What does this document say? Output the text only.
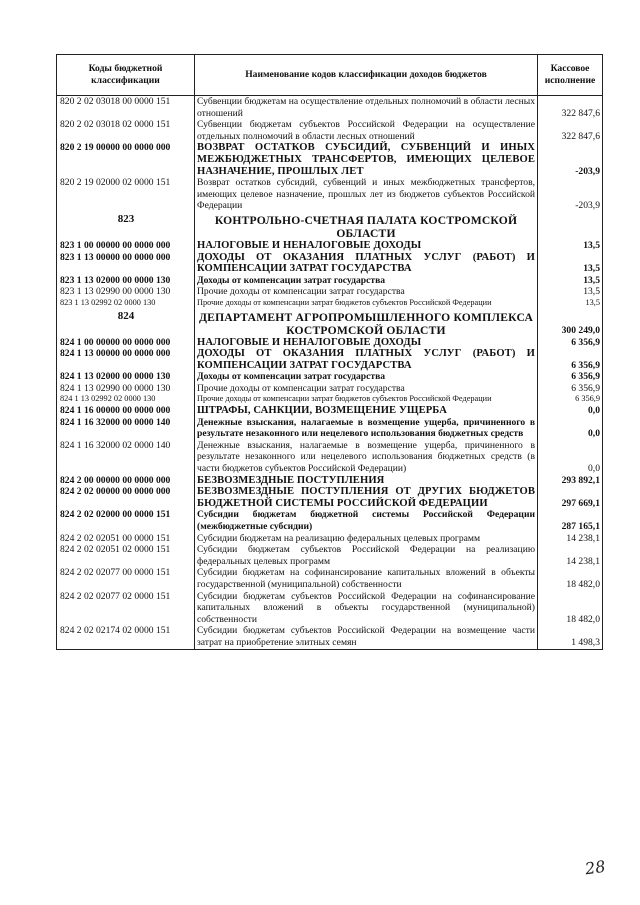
Коды бюджетной классификации	Наименование кодов классификации доходов бюджетов	Кассовое исполнение
820 2 02 03018 00 0000 151	Субвенции бюджетам на осуществление отдельных полномочий в области лесных отношений	322 847,6
820 2 02 03018 02 0000 151	Субвенции бюджетам субъектов Российской Федерации на осуществление отдельных полномочий в области лесных отношений	322 847,6
820 2 19 00000 00 0000 000	ВОЗВРАТ ОСТАТКОВ СУБСИДИЙ, СУБВЕНЦИЙ И ИНЫХ МЕЖБЮДЖЕТНЫХ ТРАНСФЕРТОВ, ИМЕЮЩИХ ЦЕЛЕВОЕ НАЗНАЧЕНИЕ, ПРОШЛЫХ ЛЕТ	-203,9
820 2 19 02000 02 0000 151	Возврат остатков субсидий, субвенций и иных межбюджетных трансфертов, имеющих целевое назначение, прошлых лет из бюджетов субъектов Российской Федерации	-203,9
823	КОНТРОЛЬНО-СЧЕТНАЯ ПАЛАТА КОСТРОМСКОЙ ОБЛАСТИ	
823 1 00 00000 00 0000 000	НАЛОГОВЫЕ И НЕНАЛОГОВЫЕ ДОХОДЫ	13,5
823 1 13 00000 00 0000 000	ДОХОДЫ ОТ ОКАЗАНИЯ ПЛАТНЫХ УСЛУГ (РАБОТ) И КОМПЕНСАЦИИ ЗАТРАТ ГОСУДАРСТВА	13,5
823 1 13 02000 00 0000 130	Доходы от компенсации затрат государства	13,5
823 1 13 02990 00 0000 130	Прочие доходы от компенсации затрат государства	13,5
823 1 13 02992 02 0000 130	Прочие доходы от компенсации затрат бюджетов субъектов Российской Федерации	13,5
824	ДЕПАРТАМЕНТ АГРОПРОМЫШЛЕННОГО КОМПЛЕКСА КОСТРОМСКОЙ ОБЛАСТИ	300 249,0
824 1 00 00000 00 0000 000	НАЛОГОВЫЕ И НЕНАЛОГОВЫЕ ДОХОДЫ	6 356,9
824 1 13 00000 00 0000 000	ДОХОДЫ ОТ ОКАЗАНИЯ ПЛАТНЫХ УСЛУГ (РАБОТ) И КОМПЕНСАЦИИ ЗАТРАТ ГОСУДАРСТВА	6 356,9
824 1 13 02000 00 0000 130	Доходы от компенсации затрат государства	6 356,9
824 1 13 02990 00 0000 130	Прочие доходы от компенсации затрат государства	6 356,9
824 1 13 02992 02 0000 130	Прочие доходы от компенсации затрат бюджетов субъектов Российской Федерации	6 356,9
824 1 16 00000 00 0000 000	ШТРАФЫ, САНКЦИИ, ВОЗМЕЩЕНИЕ УЩЕРБА	0,0
824 1 16 32000 00 0000 140	Денежные взыскания, налагаемые в возмещение ущерба, причиненного в результате незаконного или нецелевого использования бюджетных средств	0,0
824 1 16 32000 02 0000 140	Денежные взыскания, налагаемые в возмещение ущерба, причиненного в результате незаконного или нецелевого использования бюджетных средств (в части бюджетов субъектов Российской Федерации)	0,0
824 2 00 00000 00 0000 000	БЕЗВОЗМЕЗДНЫЕ ПОСТУПЛЕНИЯ	293 892,1
824 2 02 00000 00 0000 000	БЕЗВОЗМЕЗДНЫЕ ПОСТУПЛЕНИЯ ОТ ДРУГИХ БЮДЖЕТОВ БЮДЖЕТНОЙ СИСТЕМЫ РОССИЙСКОЙ ФЕДЕРАЦИИ	297 669,1
824 2 02 02000 00 0000 151	Субсидии бюджетам бюджетной системы Российской Федерации (межбюджетные субсидии)	287 165,1
824 2 02 02051 00 0000 151	Субсидии бюджетам на реализацию федеральных целевых программ	14 238,1
824 2 02 02051 02 0000 151	Субсидии бюджетам субъектов Российской Федерации на реализацию федеральных целевых программ	14 238,1
824 2 02 02077 00 0000 151	Субсидии бюджетам на софинансирование капитальных вложений в объекты государственной (муниципальной) собственности	18 482,0
824 2 02 02077 02 0000 151	Субсидии бюджетам субъектов Российской Федерации на софинансирование капитальных вложений в объекты государственной (муниципальной) собственности	18 482,0
824 2 02 02174 02 0000 151	Субсидии бюджетам субъектов Российской Федерации на возмещение части затрат на приобретение элитных семян	1 498,3
28
